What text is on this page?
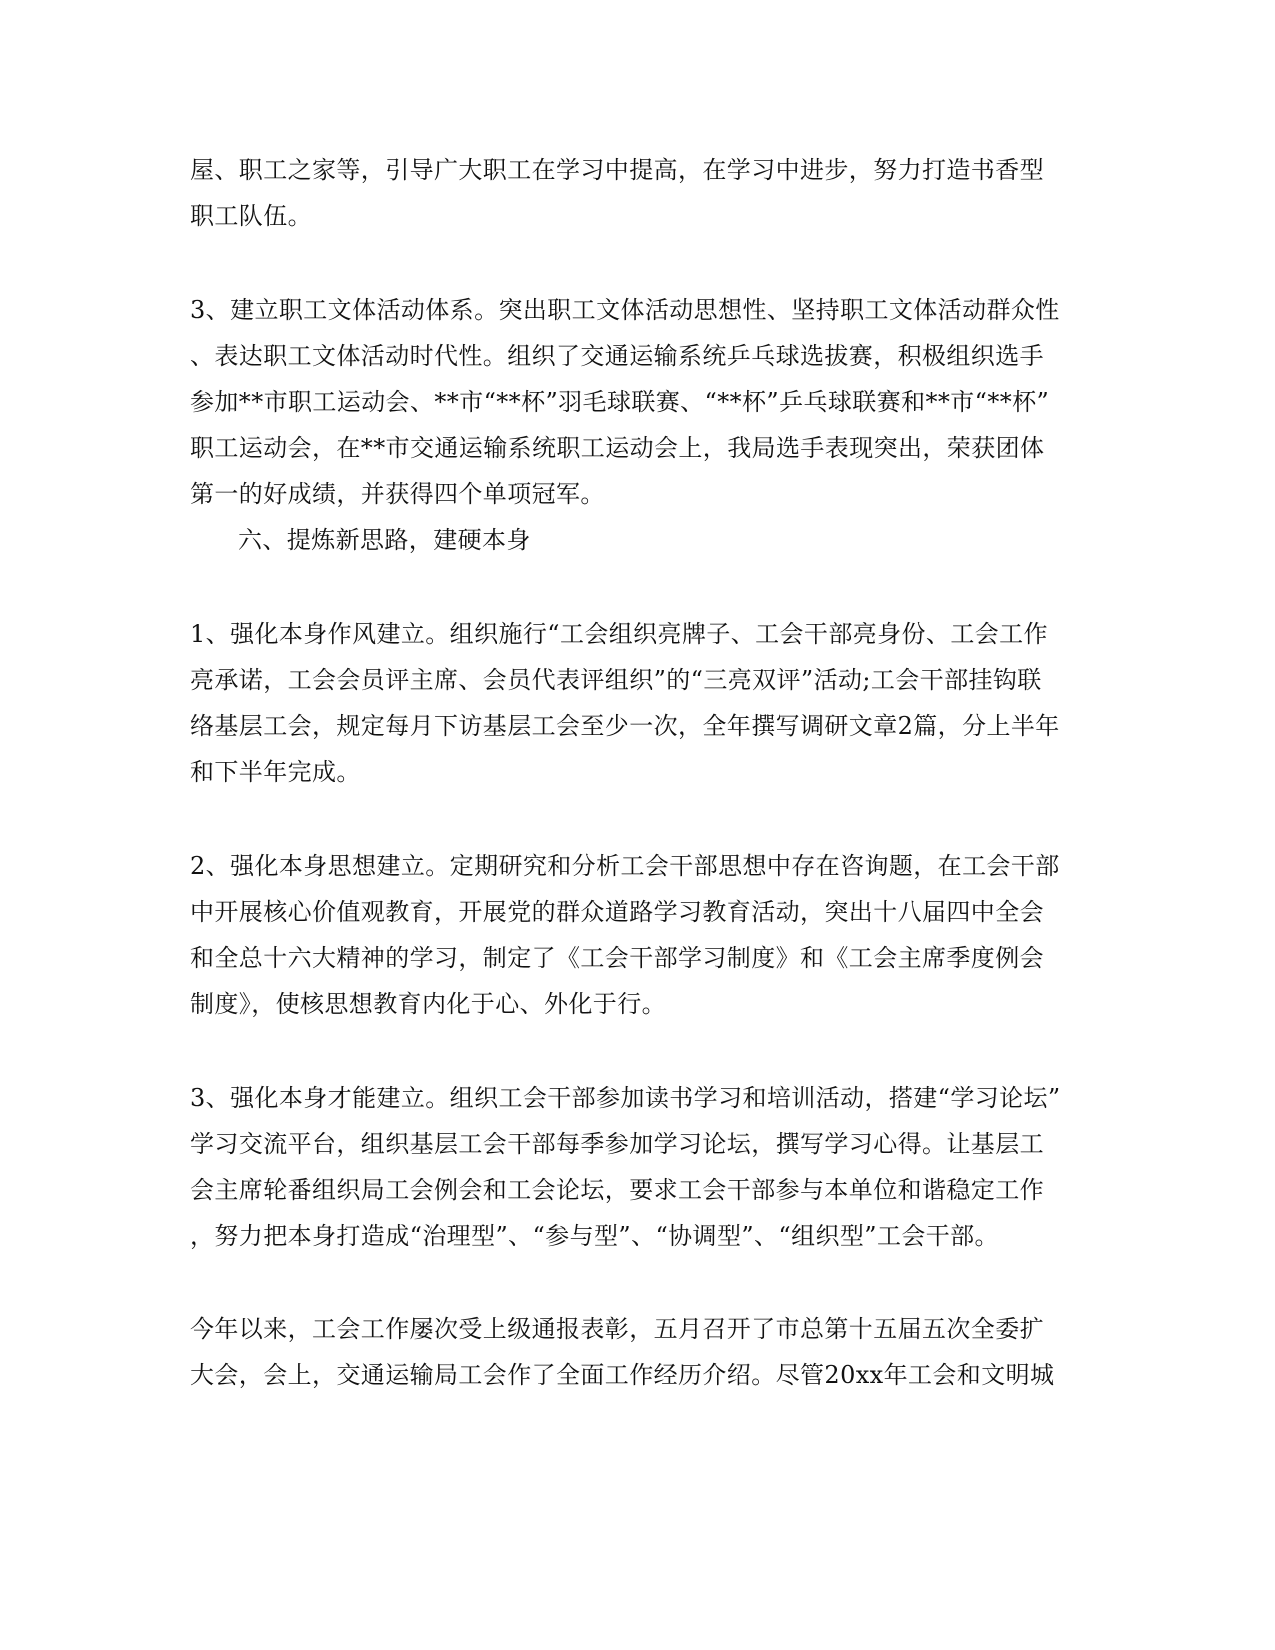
屋、职工之家等，引导广大职工在学习中提高，在学习中进步，努力打造书香型
职工队伍。
3、建立职工文体活动体系。突出职工文体活动思想性、坚持职工文体活动群众性
、表达职工文体活动时代性。组织了交通运输系统乒乓球选拔赛，积极组织选手
参加**市职工运动会、**市“**杯”羽毛球联赛、“**杯”乒乓球联赛和**市“**杯”
职工运动会，在**市交通运输系统职工运动会上，我局选手表现突出，荣获团体
第一的好成绩，并获得四个单项冠军。
六、提炼新思路，建硬本身
1、强化本身作风建立。组织施行“工会组织亮牌子、工会干部亮身份、工会工作
亮承诺，工会会员评主席、会员代表评组织”的“三亮双评”活动;工会干部挂钩联
络基层工会，规定每月下访基层工会至少一次，全年撰写调研文章2篇，分上半年
和下半年完成。
2、强化本身思想建立。定期研究和分析工会干部思想中存在咨询题，在工会干部
中开展核心价值观教育，开展党的群众道路学习教育活动，突出十八届四中全会
和全总十六大精神的学习，制定了《工会干部学习制度》和《工会主席季度例会
制度》，使核思想教育内化于心、外化于行。
3、强化本身才能建立。组织工会干部参加读书学习和培训活动，搭建“学习论坛”
学习交流平台，组织基层工会干部每季参加学习论坛，撰写学习心得。让基层工
会主席轮番组织局工会例会和工会论坛，要求工会干部参与本单位和谐稳定工作
，努力把本身打造成“治理型”、“参与型”、“协调型”、“组织型”工会干部。
今年以来，工会工作屡次受上级通报表彰，五月召开了市总第十五届五次全委扩
大会，会上，交通运输局工会作了全面工作经历介绍。尽管20xx年工会和文明城
